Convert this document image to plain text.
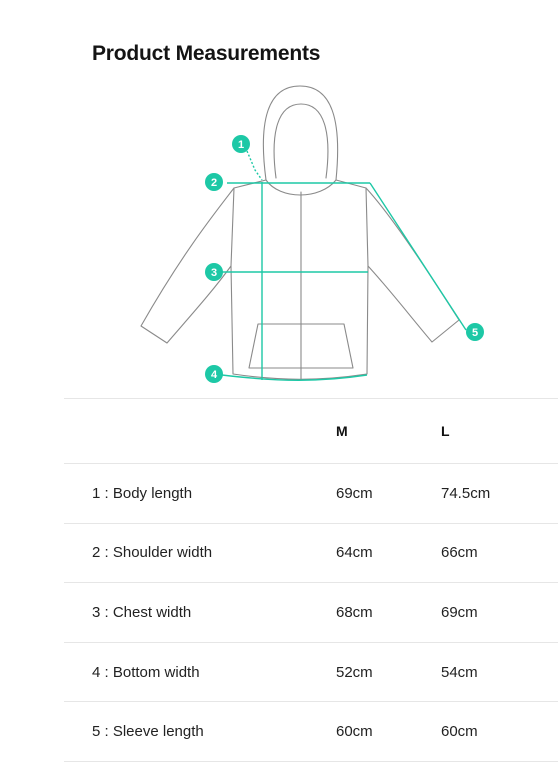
Product Measurements
1
2
3
4
5
	M	L
1 : Body length	69cm	74.5cm
2 : Shoulder width	64cm	66cm
3 : Chest width	68cm	69cm
4 : Bottom width	52cm	54cm
5 : Sleeve length	60cm	60cm
